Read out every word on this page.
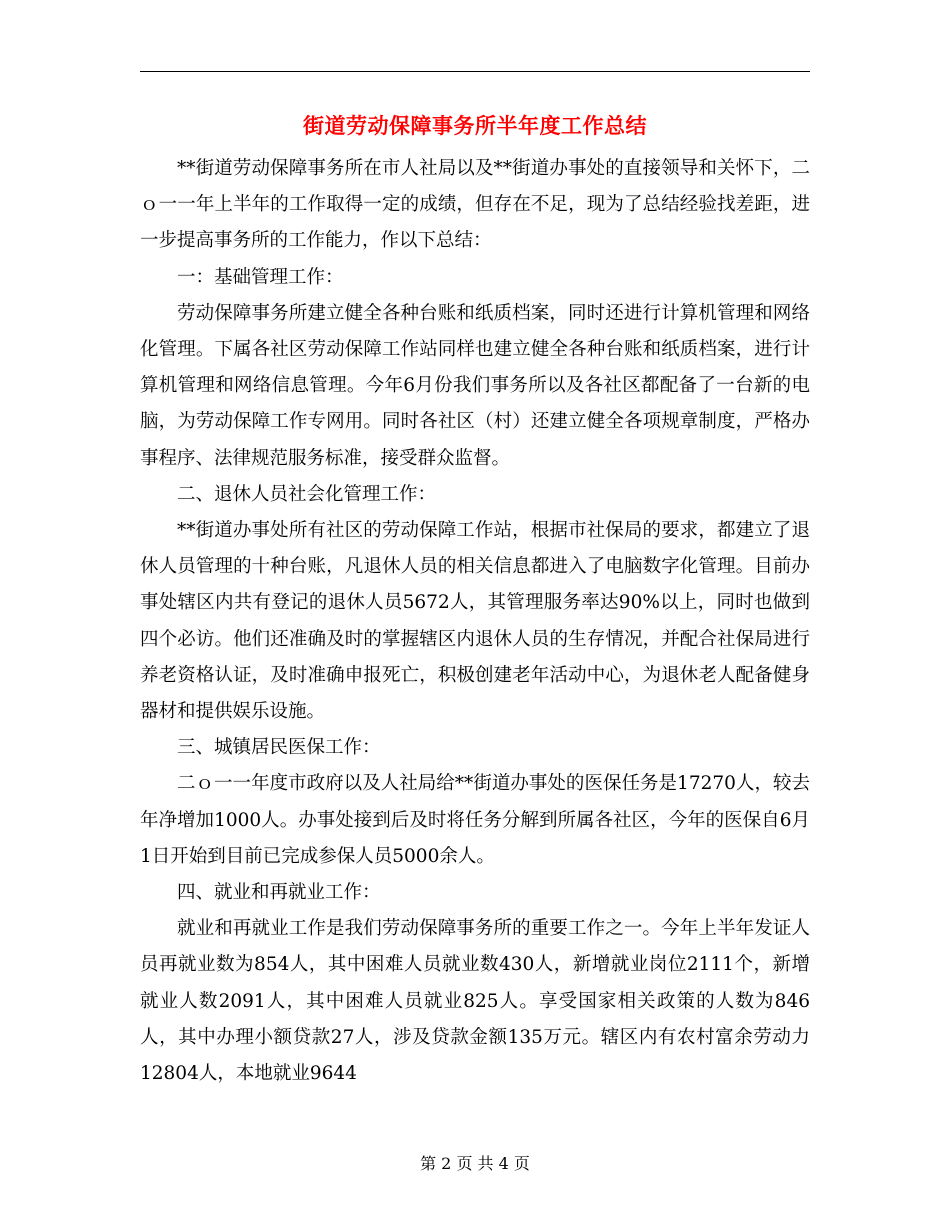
街道劳动保障事务所半年度工作总结

**街道劳动保障事务所在市人社局以及**街道办事处的直接领导和关怀下，二ｏ一一年上半年的工作取得一定的成绩，但存在不足，现为了总结经验找差距，进一步提高事务所的工作能力，作以下总结：

一：基础管理工作：

劳动保障事务所建立健全各种台账和纸质档案，同时还进行计算机管理和网络化管理。下属各社区劳动保障工作站同样也建立健全各种台账和纸质档案，进行计算机管理和网络信息管理。今年6月份我们事务所以及各社区都配备了一台新的电脑，为劳动保障工作专网用。同时各社区（村）还建立健全各项规章制度，严格办事程序、法律规范服务标准，接受群众监督。

二、退休人员社会化管理工作：

**街道办事处所有社区的劳动保障工作站，根据市社保局的要求，都建立了退休人员管理的十种台账，凡退休人员的相关信息都进入了电脑数字化管理。目前办事处辖区内共有登记的退休人员5672人，其管理服务率达90%以上，同时也做到四个必访。他们还准确及时的掌握辖区内退休人员的生存情况，并配合社保局进行养老资格认证，及时准确申报死亡，积极创建老年活动中心，为退休老人配备健身器材和提供娱乐设施。

三、城镇居民医保工作：

二ｏ一一年度市政府以及人社局给**街道办事处的医保任务是17270人，较去年净增加1000人。办事处接到后及时将任务分解到所属各社区，今年的医保自6月1日开始到目前已完成参保人员5000余人。

四、就业和再就业工作：

就业和再就业工作是我们劳动保障事务所的重要工作之一。今年上半年发证人员再就业数为854人，其中困难人员就业数430人，新增就业岗位2111个，新增就业人数2091人，其中困难人员就业825人。享受国家相关政策的人数为846人，其中办理小额贷款27人，涉及贷款金额135万元。辖区内有农村富余劳动力12804人，本地就业9644

第 2 页 共 4 页
